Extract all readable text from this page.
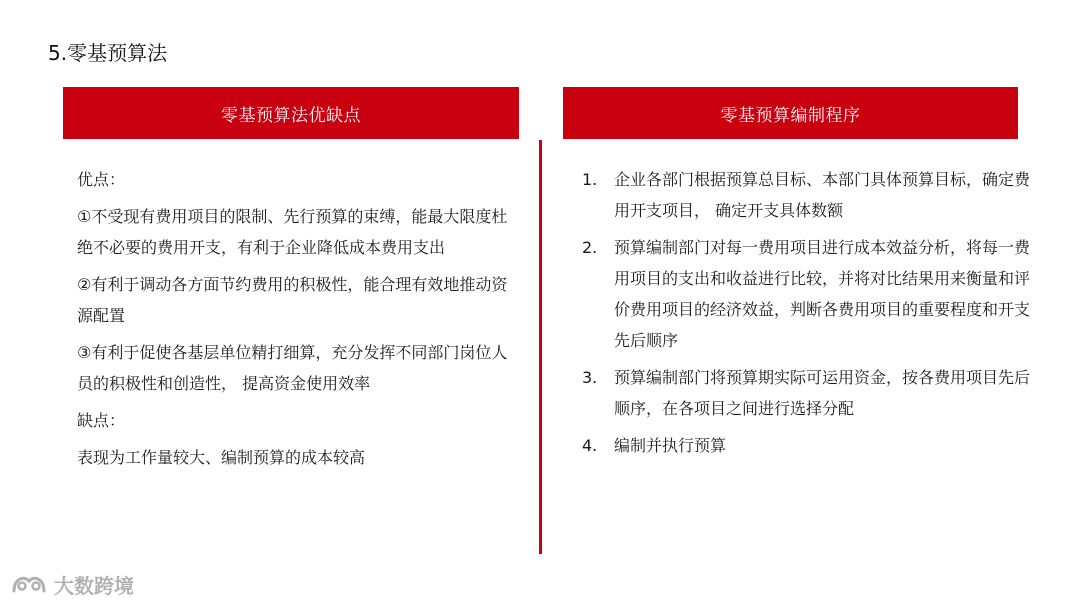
5.零基预算法
零基预算法优缺点	零基预算编制程序

优点：

①不受现有费用项目的限制、先行预算的束缚，能最大限度杜绝不必要的费用开支，有利于企业降低成本费用支出

②有利于调动各方面节约费用的积极性，能合理有效地推动资源配置

③有利于促使各基层单位精打细算，充分发挥不同部门岗位人员的积极性和创造性， 提高资金使用效率

缺点：

表现为工作量较大、编制预算的成本较高

1.	企业各部门根据预算总目标、本部门具体预算目标，确定费用开支项目， 确定开支具体数额
2.	预算编制部门对每一费用项目进行成本效益分析，将每一费用项目的支出和收益进行比较，并将对比结果用来衡量和评价费用项目的经济效益，判断各费用项目的重要程度和开支先后顺序
3.	预算编制部门将预算期实际可运用资金，按各费用项目先后顺序，在各项目之间进行选择分配
4.	编制并执行预算
大数跨境
